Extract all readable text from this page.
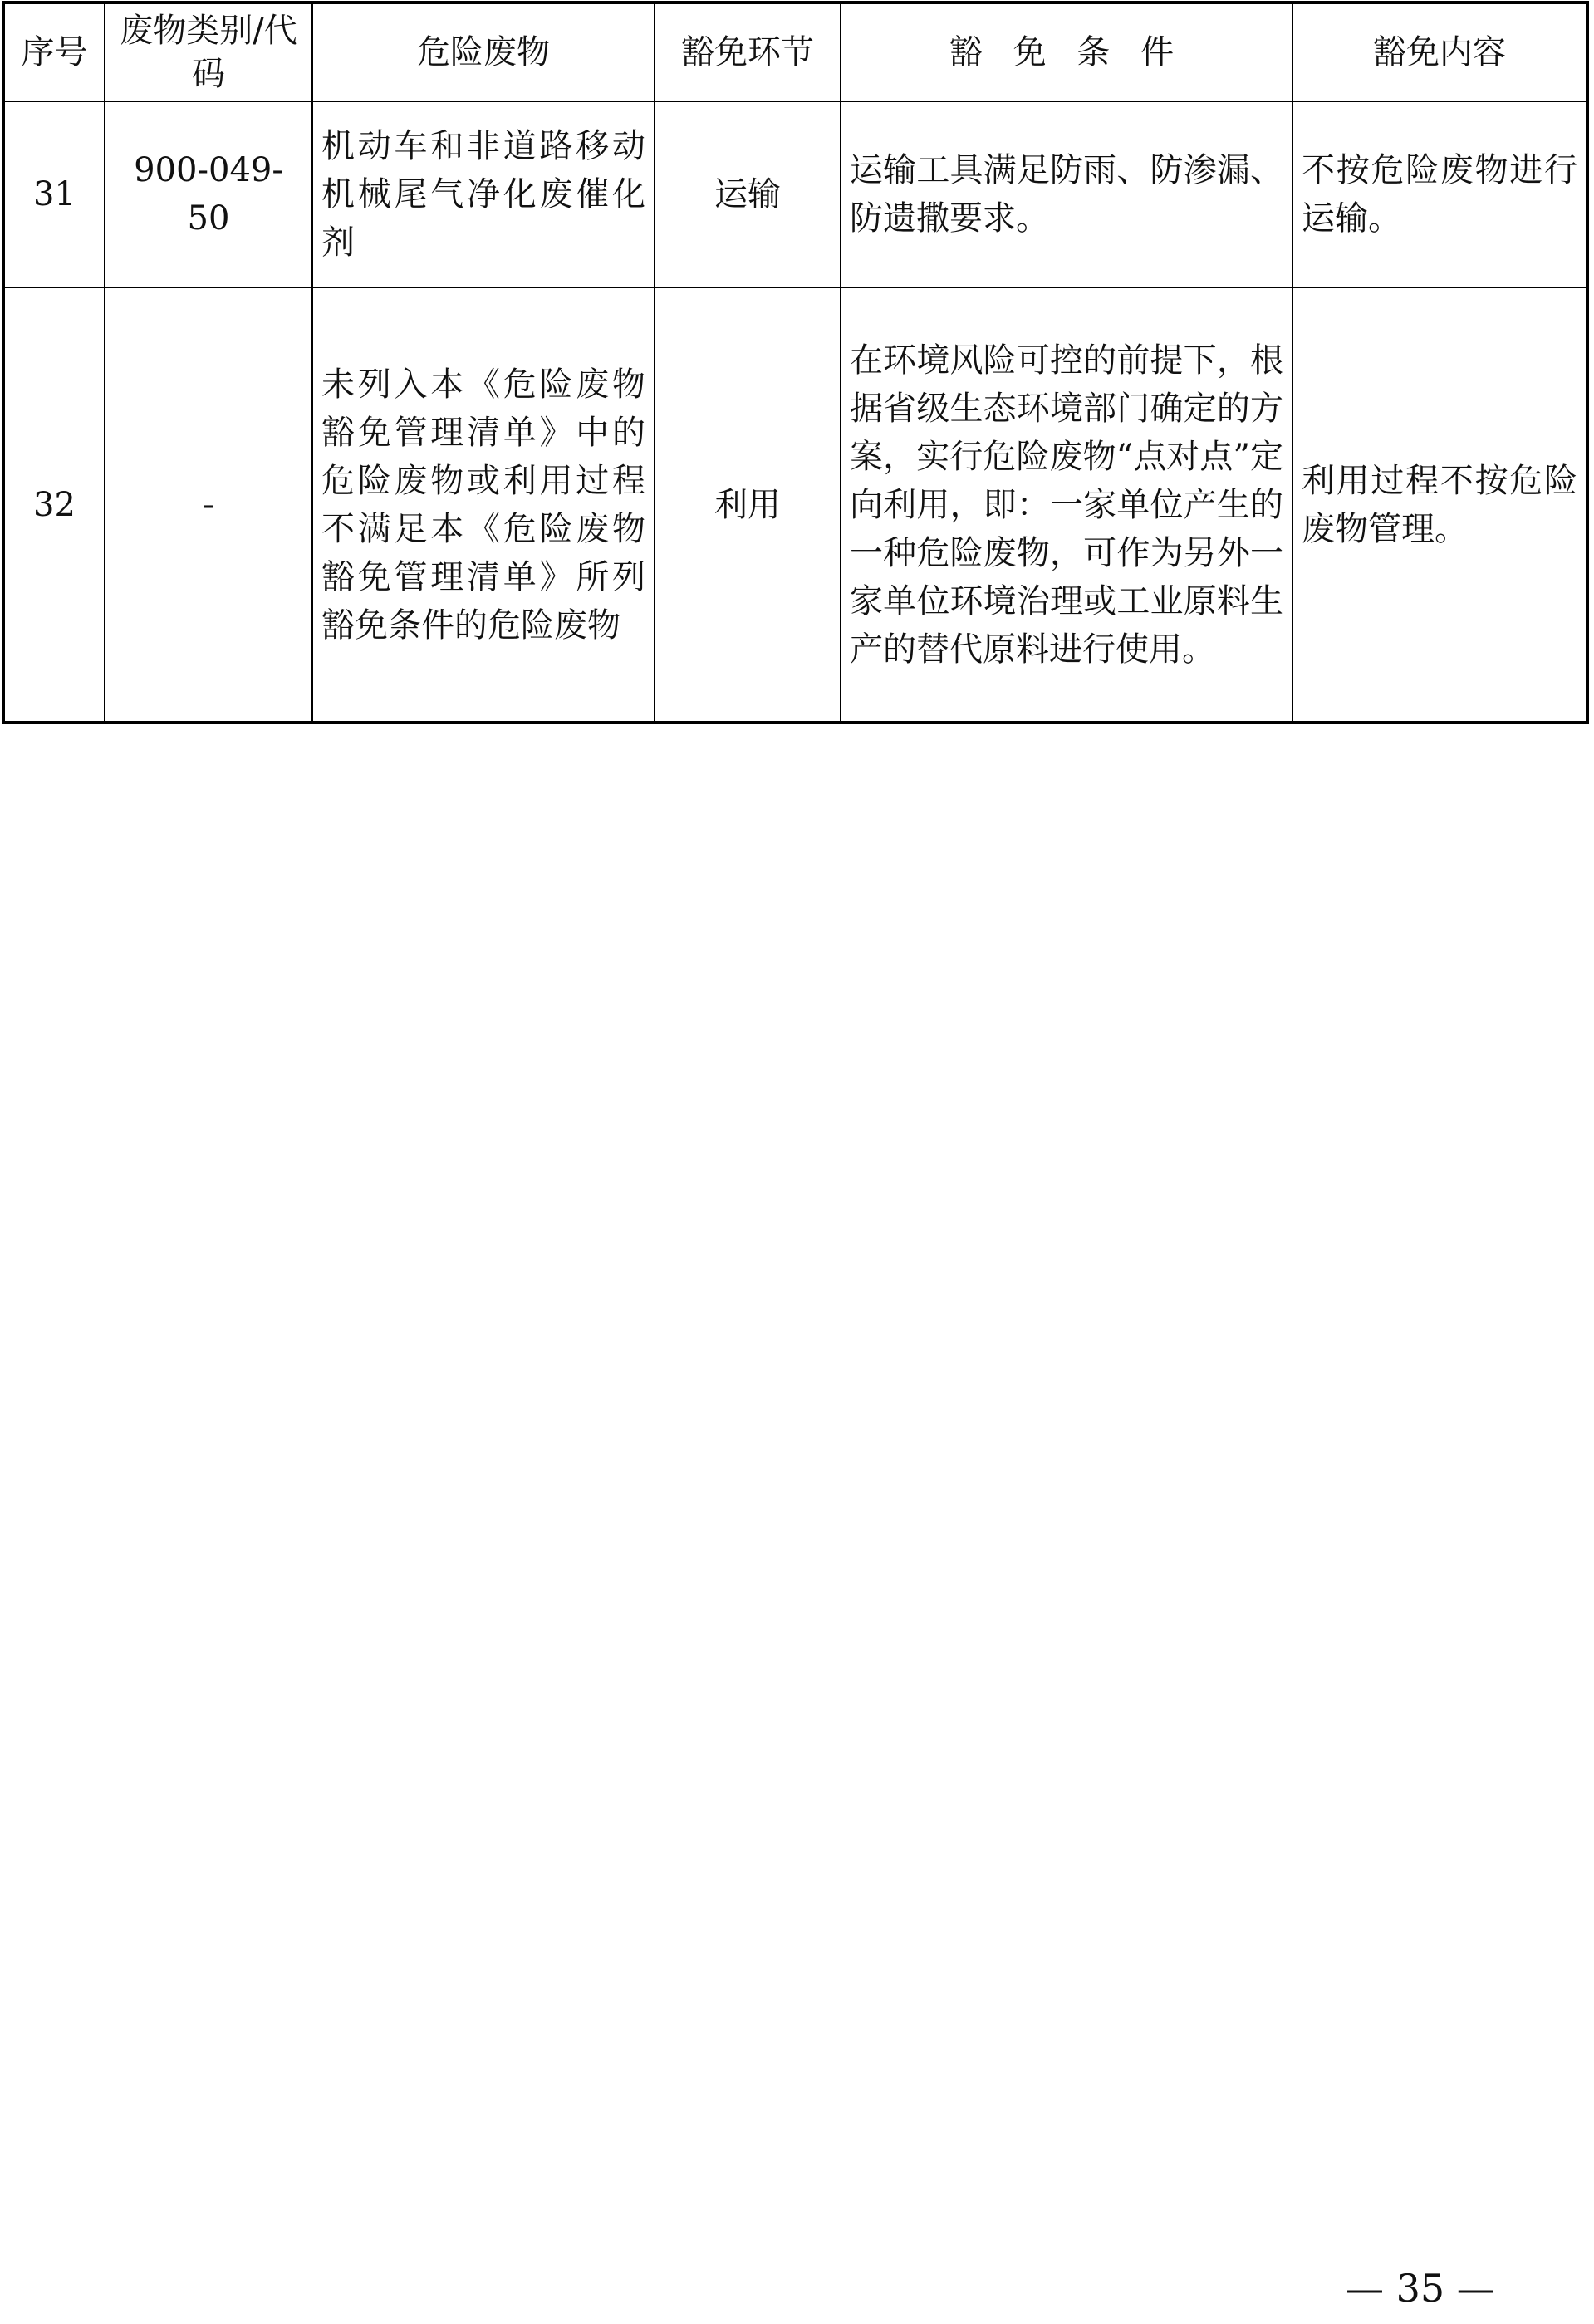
序号	废物类别/代码	危险废物	豁免环节	豁 免 条 件	豁免内容
31	900-049-50	机动车和非道路移动机械尾气净化废催化剂	运输	运输工具满足防雨、防渗漏、防遗撒要求。	不按危险废物进行运输。
32	-	未列入本《危险废物豁免管理清单》中的危险废物或利用过程不满足本《危险废物豁免管理清单》所列豁免条件的危险废物	利用	在环境风险可控的前提下，根据省级生态环境部门确定的方案，实行危险废物“点对点”定向利用，即：一家单位产生的一种危险废物，可作为另外一家单位环境治理或工业原料生产的替代原料进行使用。	利用过程不按危险废物管理。
— 35 —
